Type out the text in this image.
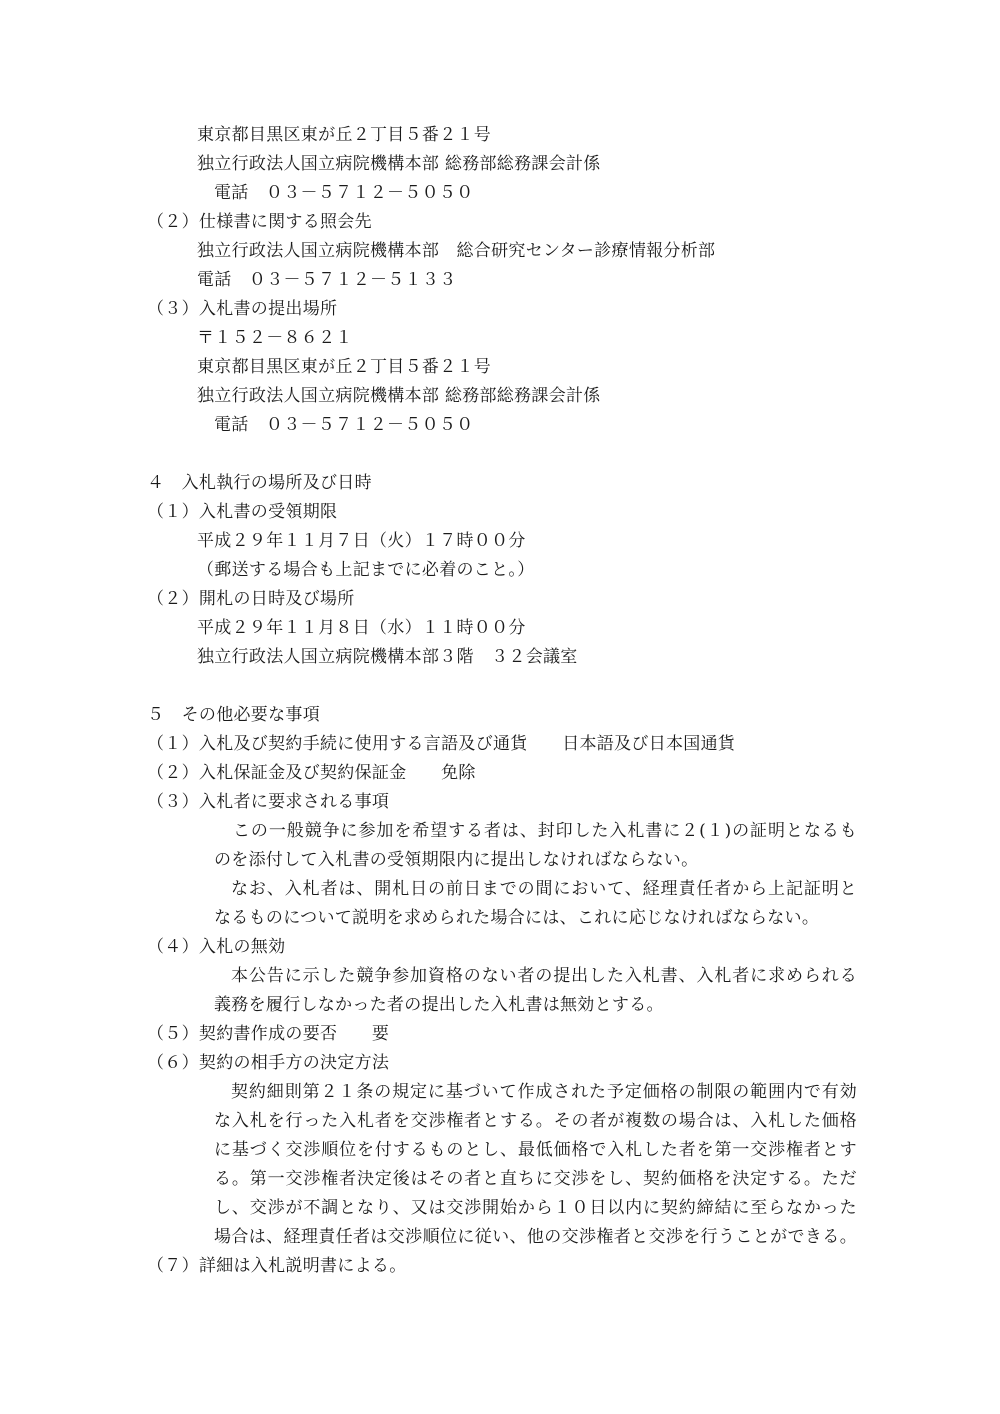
東京都目黒区東が丘２丁目５番２１号
独立行政法人国立病院機構本部 総務部総務課会計係
電話　０３－５７１２－５０５０
（２）仕様書に関する照会先
独立行政法人国立病院機構本部　総合研究センター診療情報分析部
電話　０３－５７１２－５１３３
（３）入札書の提出場所
〒１５２－８６２１
東京都目黒区東が丘２丁目５番２１号
独立行政法人国立病院機構本部 総務部総務課会計係
電話　０３－５７１２－５０５０
４　入札執行の場所及び日時
（１）入札書の受領期限
平成２９年１１月７日（火）１７時００分
（郵送する場合も上記までに必着のこと。）
（２）開札の日時及び場所
平成２９年１１月８日（水）１１時００分
独立行政法人国立病院機構本部３階　３２会議室
５　その他必要な事項
（１）入札及び契約手続に使用する言語及び通貨　　日本語及び日本国通貨
（２）入札保証金及び契約保証金　　免除
（３）入札者に要求される事項
この一般競争に参加を希望する者は、封印した入札書に２(１)の証明となるも
のを添付して入札書の受領期限内に提出しなければならない。
なお、入札者は、開札日の前日までの間において、経理責任者から上記証明と
なるものについて説明を求められた場合には、これに応じなければならない。
（４）入札の無効
本公告に示した競争参加資格のない者の提出した入札書、入札者に求められる
義務を履行しなかった者の提出した入札書は無効とする。
（５）契約書作成の要否　　要
（６）契約の相手方の決定方法
契約細則第２１条の規定に基づいて作成された予定価格の制限の範囲内で有効
な入札を行った入札者を交渉権者とする。その者が複数の場合は、入札した価格
に基づく交渉順位を付するものとし、最低価格で入札した者を第一交渉権者とす
る。第一交渉権者決定後はその者と直ちに交渉をし、契約価格を決定する。ただ
し、交渉が不調となり、又は交渉開始から１０日以内に契約締結に至らなかった
場合は、経理責任者は交渉順位に従い、他の交渉権者と交渉を行うことができる。
（７）詳細は入札説明書による。
